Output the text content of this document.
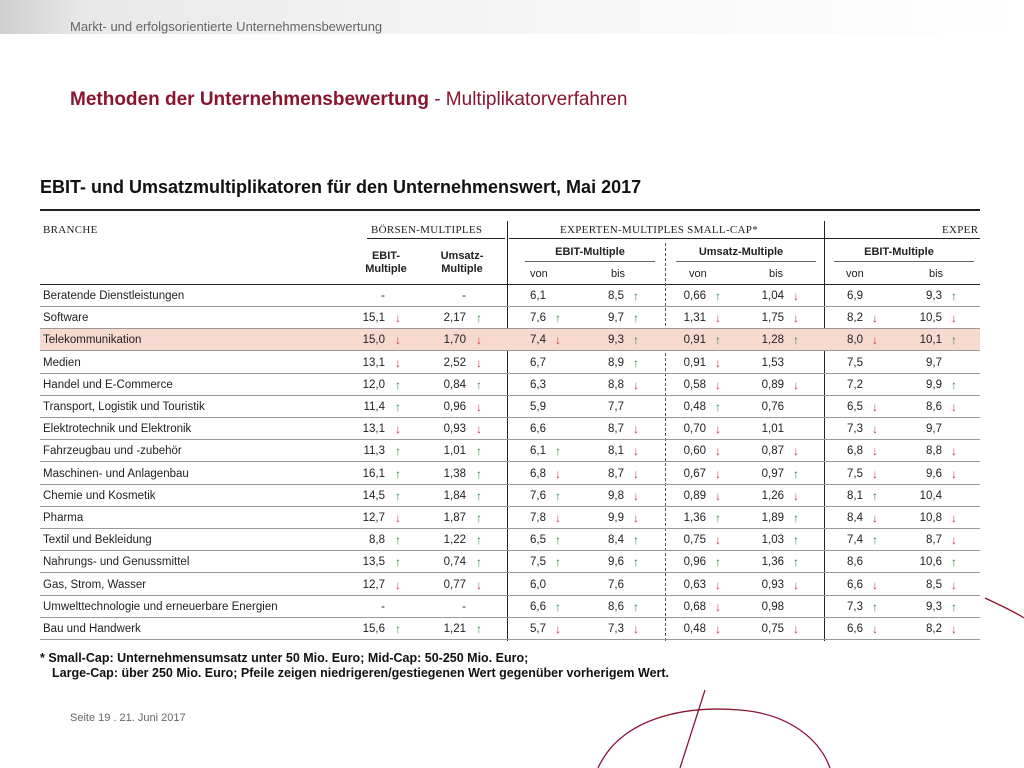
Markt- und erfolgsorientierte Unternehmensbewertung
Methoden der Unternehmensbewertung - Multiplikatorverfahren
EBIT- und Umsatzmultiplikatoren für den Unternehmenswert, Mai 2017
BRANCHE	BÖRSEN-MULTIPLES	EXPERTEN-MULTIPLES SMALL-CAP*	EXPER
EBIT-
Multiple
Umsatz-
Multiple
EBIT-Multiple	Umsatz-Multiple	EBIT-Multiple
von	bis	von	bis	von	bis
Beratende Dienstleistungen	-	-	6,1	8,5 ↑	0,66 ↑	1,04 ↓	6,9	9,3 ↑
Software	15,1 ↓	2,17 ↑	7,6 ↑	9,7 ↑	1,31 ↓	1,75 ↓	8,2 ↓	10,5 ↓
Telekommunikation	15,0 ↓	1,70 ↓	7,4 ↓	9,3 ↑	0,91 ↑	1,28 ↑	8,0 ↓	10,1 ↑
Medien	13,1 ↓	2,52 ↓	6,7	8,9 ↑	0,91 ↓	1,53	7,5	9,7
Handel und E-Commerce	12,0 ↑	0,84 ↑	6,3	8,8 ↓	0,58 ↓	0,89 ↓	7,2	9,9 ↑
Transport, Logistik und Touristik	11,4 ↑	0,96 ↓	5,9	7,7	0,48 ↑	0,76	6,5 ↓	8,6 ↓
Elektrotechnik und Elektronik	13,1 ↓	0,93 ↓	6,6	8,7 ↓	0,70 ↓	1,01	7,3 ↓	9,7
Fahrzeugbau und -zubehör	11,3 ↑	1,01 ↑	6,1 ↑	8,1 ↓	0,60 ↓	0,87 ↓	6,8 ↓	8,8 ↓
Maschinen- und Anlagenbau	16,1 ↑	1,38 ↑	6,8 ↓	8,7 ↓	0,67 ↓	0,97 ↑	7,5 ↓	9,6 ↓
Chemie und Kosmetik	14,5 ↑	1,84 ↑	7,6 ↑	9,8 ↓	0,89 ↓	1,26 ↓	8,1 ↑	10,4
Pharma	12,7 ↓	1,87 ↑	7,8 ↓	9,9 ↓	1,36 ↑	1,89 ↑	8,4 ↓	10,8 ↓
Textil und Bekleidung	8,8 ↑	1,22 ↑	6,5 ↑	8,4 ↑	0,75 ↓	1,03 ↑	7,4 ↑	8,7 ↓
Nahrungs- und Genussmittel	13,5 ↑	0,74 ↑	7,5 ↑	9,6 ↑	0,96 ↑	1,36 ↑	8,6	10,6 ↑
Gas, Strom, Wasser	12,7 ↓	0,77 ↓	6,0	7,6	0,63 ↓	0,93 ↓	6,6 ↓	8,5 ↓
Umwelttechnologie und erneuerbare Energien	-	-	6,6 ↑	8,6 ↑	0,68 ↓	0,98	7,3 ↑	9,3 ↑
Bau und Handwerk	15,6 ↑	1,21 ↑	5,7 ↓	7,3 ↓	0,48 ↓	0,75 ↓	6,6 ↓	8,2 ↓
* Small-Cap: Unternehmensumsatz unter 50 Mio. Euro; Mid-Cap: 50-250 Mio. Euro;
Large-Cap: über 250 Mio. Euro; Pfeile zeigen niedrigeren/gestiegenen Wert gegenüber vorherigem Wert.
Seite 19 . 21. Juni 2017
